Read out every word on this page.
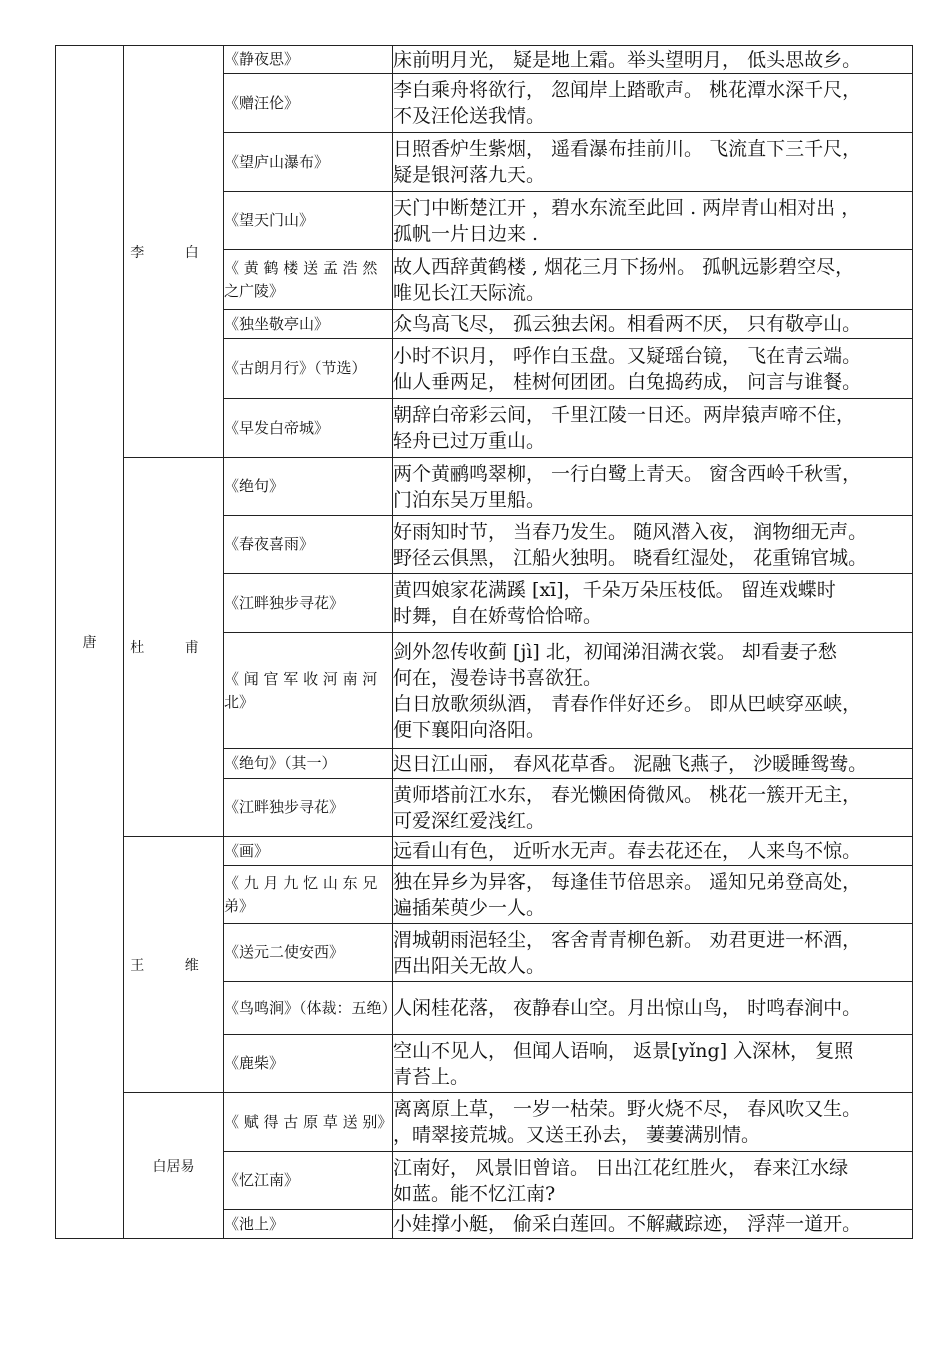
唐	李 白	《静夜思》	床前明月光， 疑是地上霜。举头望明月， 低头思故乡。

		《赠汪伦》	李白乘舟将欲行， 忽闻岸上踏歌声。 桃花潭水深千尺，
不及汪伦送我情。

		《望庐山瀑布》	日照香炉生紫烟， 遥看瀑布挂前川。 飞流直下三千尺，
疑是银河落九天。

		《望天门山》	天门中断楚江开 ，碧水东流至此回 . 两岸青山相对出 ，
孤帆一片日边来 .

		《 黄 鹤 楼 送 孟 浩 然之广陵》	故人西辞黄鹤楼 , 烟花三月下扬州。 孤帆远影碧空尽，
唯见长江天际流。

		《独坐敬亭山》	众鸟高飞尽， 孤云独去闲。相看两不厌， 只有敬亭山。

		《古朗月行》（节选）	小时不识月， 呼作白玉盘。又疑瑶台镜， 飞在青云端。
仙人垂两足， 桂树何团团。白兔捣药成， 问言与谁餐。

		《早发白帝城》	朝辞白帝彩云间， 千里江陵一日还。两岸猿声啼不住，
轻舟已过万重山。

	杜 甫	《绝句》	两个黄鹂鸣翠柳， 一行白鹭上青天。 窗含西岭千秋雪，
门泊东吴万里船。

		《春夜喜雨》	好雨知时节， 当春乃发生。 随风潜入夜， 润物细无声。
野径云俱黑， 江船火独明。 晓看红湿处， 花重锦官城。

		《江畔独步寻花》	黄四娘家花满蹊 [xī]，千朵万朵压枝低。 留连戏蝶时
时舞，自在娇莺恰恰啼。

		《 闻 官 军 收 河 南 河北》	剑外忽传收蓟 [jì] 北，初闻涕泪满衣裳。 却看妻子愁
何在，漫卷诗书喜欲狂。
白日放歌须纵酒， 青春作伴好还乡。 即从巴峡穿巫峡，
便下襄阳向洛阳。

		《绝句》（其一）	迟日江山丽， 春风花草香。 泥融飞燕子， 沙暖睡鸳鸯。

		《江畔独步寻花》	黄师塔前江水东， 春光懒困倚微风。 桃花一簇开无主，
可爱深红爱浅红。

	王 维	《画》	远看山有色， 近听水无声。春去花还在， 人来鸟不惊。

		《 九 月 九 忆 山 东 兄弟》	独在异乡为异客， 每逢佳节倍思亲。 遥知兄弟登高处，
遍插茱萸少一人。

		《送元二使安西》	渭城朝雨浥轻尘， 客舍青青柳色新。 劝君更进一杯酒，
西出阳关无故人。

		《鸟鸣涧》（体裁：五绝）	人闲桂花落， 夜静春山空。月出惊山鸟， 时鸣春涧中。

		《鹿柴》	空山不见人， 但闻人语响， 返景[yǐng] 入深林， 复照
青苔上。

	白居易	《 赋 得 古 原 草 送 别》	离离原上草， 一岁一枯荣。野火烧不尽， 春风吹又生。
，晴翠接荒城。又送王孙去， 萋萋满别情。

		《忆江南》	江南好， 风景旧曾谙。 日出江花红胜火， 春来江水绿
如蓝。能不忆江南?

		《池上》	小娃撑小艇， 偷采白莲回。不解藏踪迹， 浮萍一道开。
